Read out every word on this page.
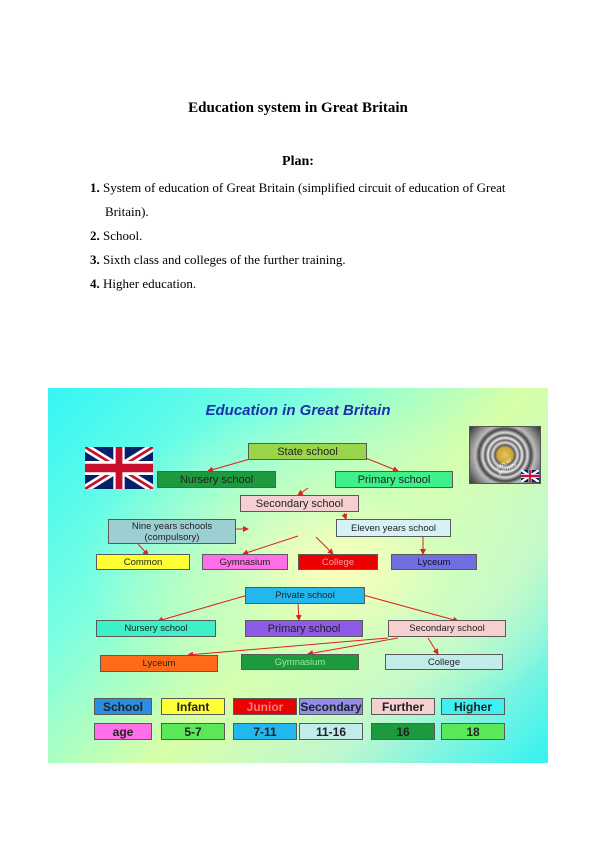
Education system in Great Britain
Plan:
1. System of education of Great Britain (simplified circuit of education of Great Britain).
2. School.
3. Sixth class and colleges of the further training.
4. Higher education.
Education in Great Britain
GREAT BRITAIN
State school
Nursery school	Primary school
Secondary school
Nine years schools
(compulsory)
Eleven years school
Common	Gymnasium	College	Lyceum
Private school
Nursery school	Primary school	Secondary school
Lyceum	Gymnasium	College
School	Infant	Junior	Secondary	Further	Higher
age	5-7	7-11	11-16	16	18
